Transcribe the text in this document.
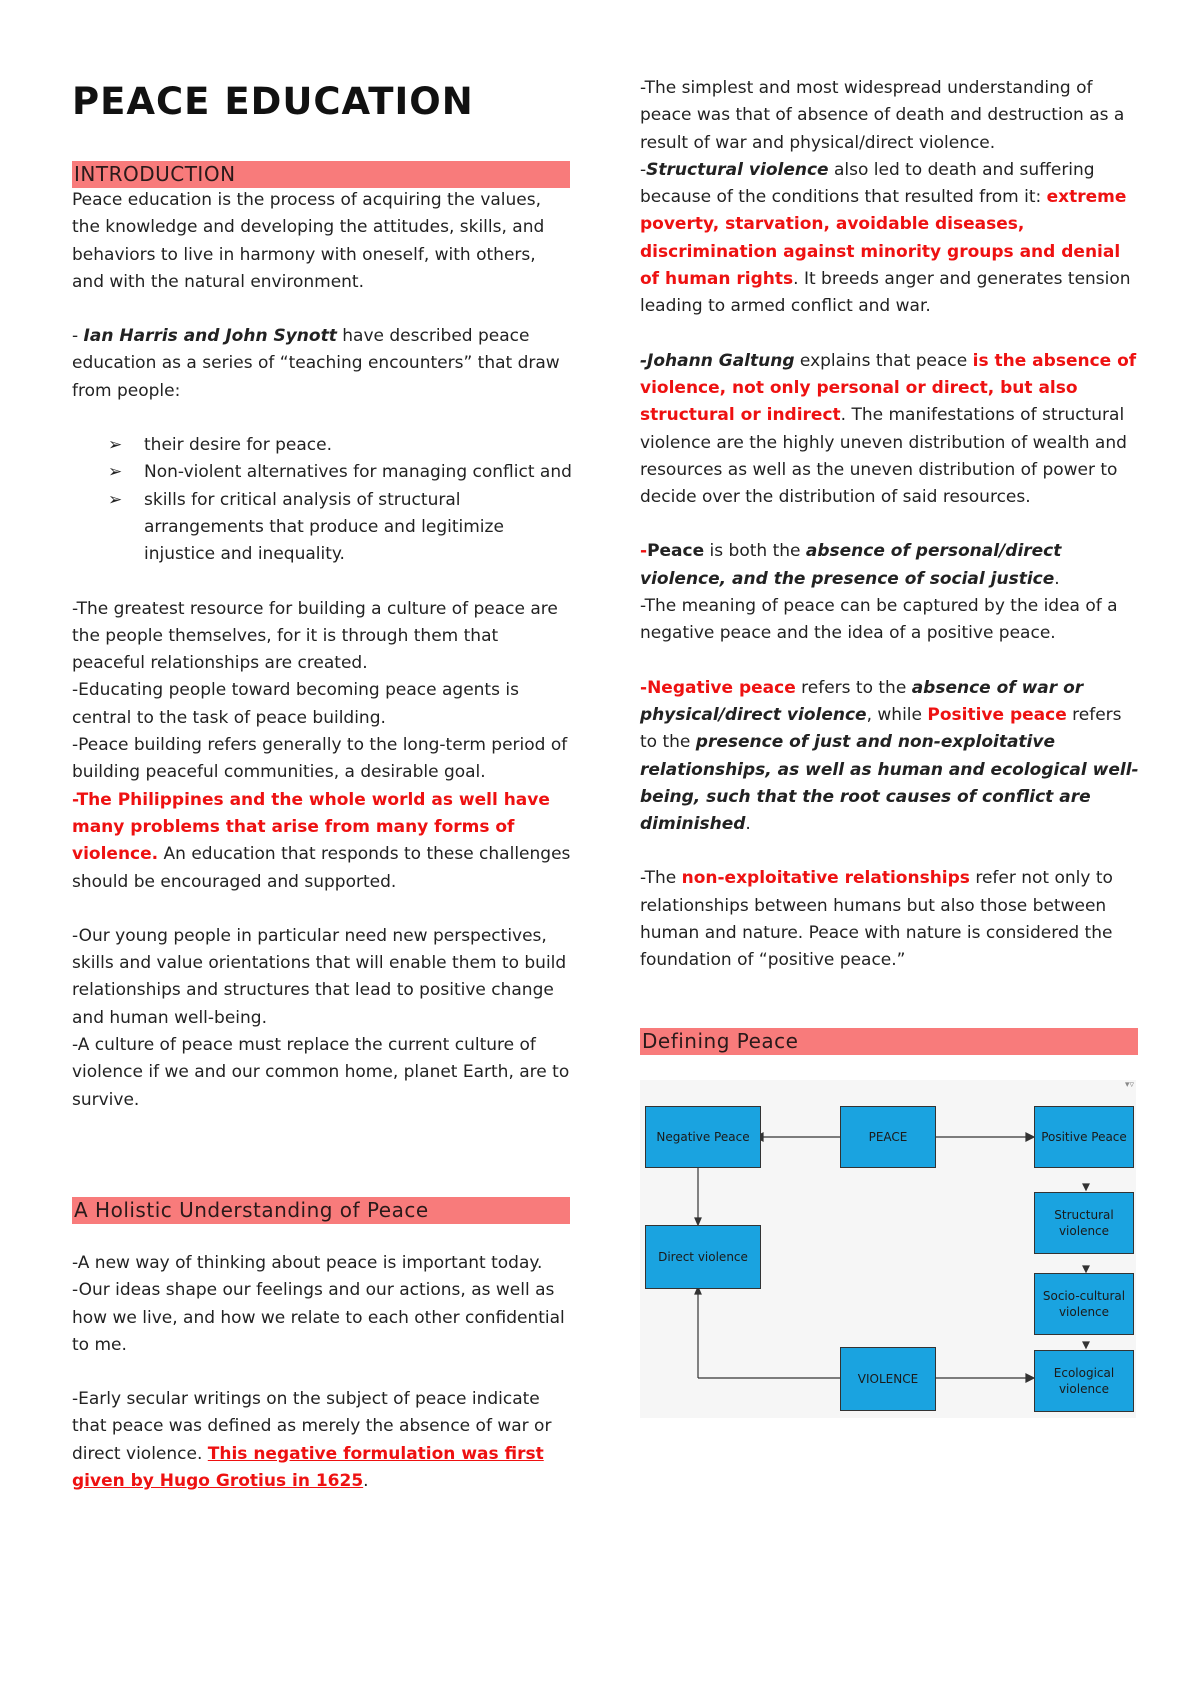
PEACE EDUCATION
INTRODUCTION

Peace education is the process of acquiring the values, the knowledge and developing the attitudes, skills, and behaviors to live in harmony with oneself, with others, and with the natural environment.

- Ian Harris and John Synott have described peace education as a series of “teaching encounters” that draw from people:

➢ their desire for peace.
➢ Non-violent alternatives for managing conflict and
➢ skills for critical analysis of structural arrangements that produce and legitimize injustice and inequality.

-The greatest resource for building a culture of peace are the people themselves, for it is through them that peaceful relationships are created.

-Educating people toward becoming peace agents is central to the task of peace building.

-Peace building refers generally to the long-term period of building peaceful communities, a desirable goal.

-The Philippines and the whole world as well have many problems that arise from many forms of violence. An education that responds to these challenges should be encouraged and supported.

-Our young people in particular need new perspectives, skills and value orientations that will enable them to build relationships and structures that lead to positive change and human well-being.

-A culture of peace must replace the current culture of violence if we and our common home, planet Earth, are to survive.

A Holistic Understanding of Peace

-A new way of thinking about peace is important today.

-Our ideas shape our feelings and our actions, as well as how we live, and how we relate to each other confidential to me.

-Early secular writings on the subject of peace indicate that peace was defined as merely the absence of war or direct violence. This negative formulation was first given by Hugo Grotius in 1625.

-The simplest and most widespread understanding of peace was that of absence of death and destruction as a result of war and physical/direct violence.

-Structural violence also led to death and suffering because of the conditions that resulted from it: extreme poverty, starvation, avoidable diseases, discrimination against minority groups and denial of human rights. It breeds anger and generates tension leading to armed conflict and war.

-Johann Galtung explains that peace is the absence of violence, not only personal or direct, but also structural or indirect. The manifestations of structural violence are the highly uneven distribution of wealth and resources as well as the uneven distribution of power to decide over the distribution of said resources.

-Peace is both the absence of personal/direct violence, and the presence of social justice.

-The meaning of peace can be captured by the idea of a negative peace and the idea of a positive peace.

-Negative peace refers to the absence of war or physical/direct violence, while Positive peace refers to the presence of just and non-exploitative relationships, as well as human and ecological well-being, such that the root causes of conflict are diminished.

-The non-exploitative relationships refer not only to relationships between humans but also those between human and nature. Peace with nature is considered the foundation of “positive peace.”

Defining Peace
▾▿
Negative Peace	PEACE	Positive Peace
Direct violence
Structural violence
Socio-cultural violence
VIOLENCE	Ecological violence
